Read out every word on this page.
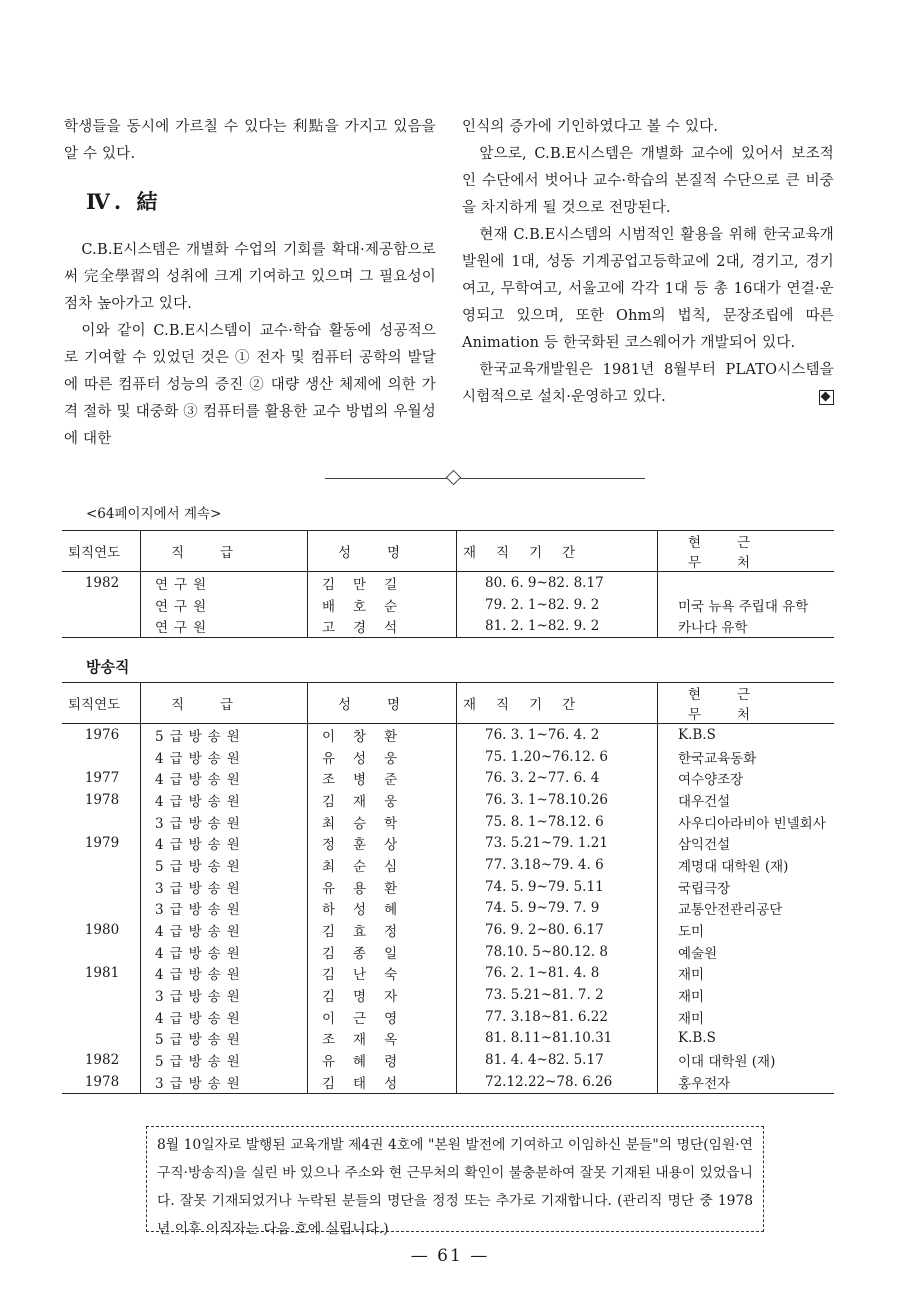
학생들을 동시에 가르칠 수 있다는 利點을 가지고 있음을 알 수 있다.

Ⅳ. 結

C.B.E시스템은 개별화 수업의 기회를 확대·제공함으로써 完全學習의 성취에 크게 기여하고 있으며 그 필요성이 점차 높아가고 있다.

이와 같이 C.B.E시스템이 교수·학습 활동에 성공적으로 기여할 수 있었던 것은 ① 전자 및 컴퓨터 공학의 발달에 따른 컴퓨터 성능의 증진 ② 대량 생산 체제에 의한 가격 절하 및 대중화 ③ 컴퓨터를 활용한 교수 방법의 우월성에 대한

인식의 증가에 기인하였다고 볼 수 있다.

앞으로, C.B.E시스템은 개별화 교수에 있어서 보조적인 수단에서 벗어나 교수·학습의 본질적 수단으로 큰 비중을 차지하게 될 것으로 전망된다.

현재 C.B.E시스템의 시범적인 활용을 위해 한국교육개발원에 1대, 성동 기계공업고등학교에 2대, 경기고, 경기여고, 무학여고, 서울고에 각각 1대 등 총 16대가 연결·운영되고 있으며, 또한 Ohm의 법칙, 문장조립에 따른 Animation 등 한국화된 코스웨어가 개발되어 있다.

한국교육개발원은 1981년 8월부터 PLATO시스템을 시험적으로 설치·운영하고 있다.

<64페이지에서 계속>
퇴직연도	직급	성명	재직기간	현근무처
1982	연구원	김만길	80. 6. 9~82. 8.17	
	연구원	배호순	79. 2. 1~82. 9. 2	미국 뉴욕 주립대 유학
	연구원	고경석	81. 2. 1~82. 9. 2	카나다 유학
방송직
퇴직연도	직급	성명	재직기간	현근무처
1976	5급방송원	이창환	76. 3. 1~76. 4. 2	K.B.S
	4급방송원	유성웅	75. 1.20~76.12. 6	한국교육동화
1977	4급방송원	조병준	76. 3. 2~77. 6. 4	여수양조장
1978	4급방송원	김재웅	76. 3. 1~78.10.26	대우건설
	3급방송원	최승학	75. 8. 1~78.12. 6	사우디아라비아 빈넬회사
1979	4급방송원	정훈상	73. 5.21~79. 1.21	삼익건설
	5급방송원	최순심	77. 3.18~79. 4. 6	계명대 대학원 (재)
	3급방송원	유용환	74. 5. 9~79. 5.11	국립극장
	3급방송원	하성혜	74. 5. 9~79. 7. 9	교통안전관리공단
1980	4급방송원	김효정	76. 9. 2~80. 6.17	도미
	4급방송원	김종일	78.10. 5~80.12. 8	예술원
1981	4급방송원	김난숙	76. 2. 1~81. 4. 8	재미
	3급방송원	김명자	73. 5.21~81. 7. 2	재미
	4급방송원	이근영	77. 3.18~81. 6.22	재미
	5급방송원	조재옥	81. 8.11~81.10.31	K.B.S
1982	5급방송원	유혜령	81. 4. 4~82. 5.17	이대 대학원 (재)
1978	3급방송원	김태성	72.12.22~78. 6.26	홍우전자

8월 10일자로 발행된 교육개발 제4권 4호에 "본원 발전에 기여하고 이임하신 분들"의 명단(임원·연구직·방송직)을 실린 바 있으나 주소와 현 근무처의 확인이 불충분하여 잘못 기재된 내용이 있었읍니다. 잘못 기재되었거나 누락된 분들의 명단을 정정 또는 추가로 기재합니다. (관리직 명단 중 1978년 이후 이직자는 다음 호에 실립니다.)

— 61 —
